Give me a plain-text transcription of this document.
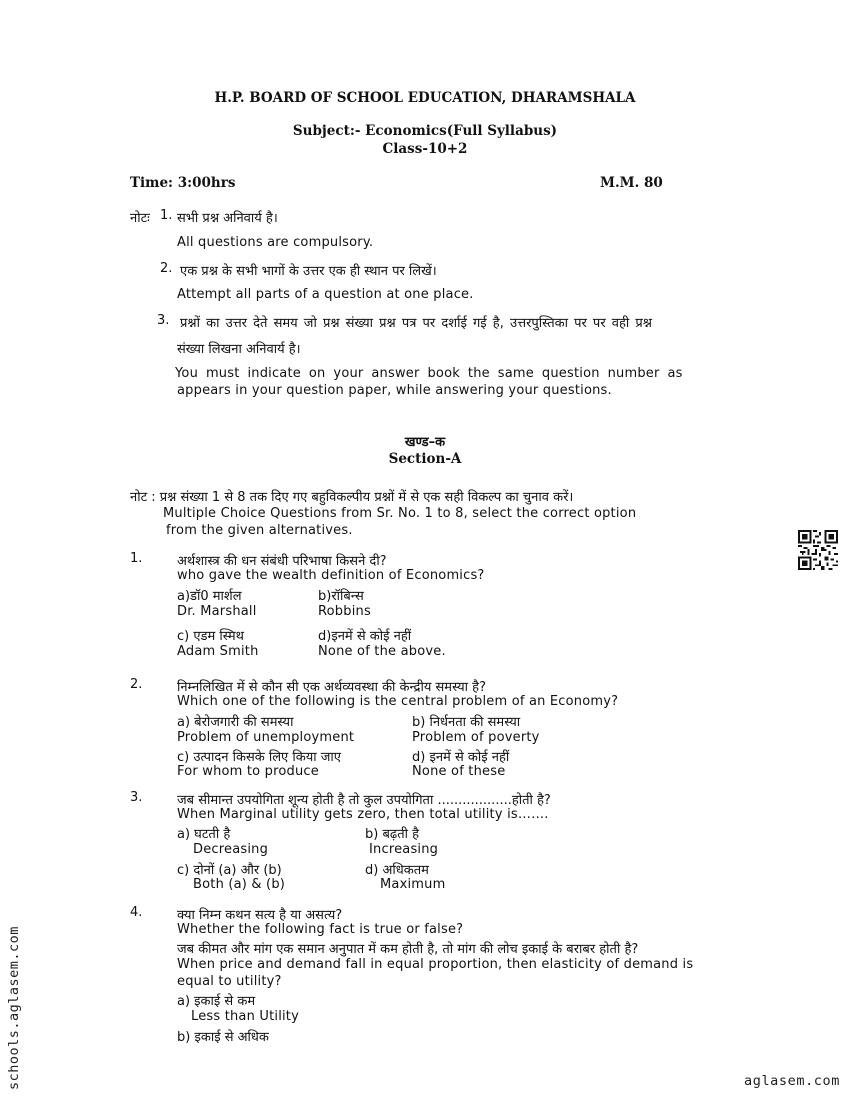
H.P. BOARD OF SCHOOL EDUCATION, DHARAMSHALA
Subject:- Economics(Full Syllabus)
Class-10+2
Time: 3:00hrs	M.M. 80
नोटः 1. सभी प्रश्न अनिवार्य है।
All questions are compulsory.
2. एक प्रश्न के सभी भागों के उत्तर एक ही स्थान पर लिखें।
Attempt all parts of a question at one place.
3. प्रश्नों का उत्तर देते समय जो प्रश्न संख्या प्रश्न पत्र पर दर्शाई गई है, उत्तरपुस्तिका पर पर वही प्रश्न
संख्या लिखना अनिवार्य है।
You must indicate on your answer book the same question number as
appears in your question paper, while answering your questions.
खण्ड–क
Section-A
नोट : प्रश्न संख्या 1 से 8 तक दिए गए बहुविकल्पीय प्रश्नों में से एक सही विकल्प का चुनाव करें।
Multiple Choice Questions from Sr. No. 1 to 8, select the correct option
from the given alternatives.
1.	अर्थशास्त्र की धन संबंधी परिभाषा किसने दी?
who gave the wealth definition of Economics?
a)डॉ0 मार्शल	b)रॉबिन्स
Dr. Marshall	Robbins
c) एडम स्मिथ	d)इनमें से कोई नहीं
Adam Smith	None of the above.
2.	निम्नलिखित में से कौन सी एक अर्थव्यवस्था की केन्द्रीय समस्या है?
Which one of the following is the central problem of an Economy?
a) बेरोजगारी की समस्या	b) निर्धनता की समस्या
Problem of unemployment	Problem of poverty
c) उत्पादन किसके लिए किया जाए	d) इनमें से कोई नहीं
For whom to produce	None of these
3.	जब सीमान्त उपयोगिता शून्य होती है तो कुल उपयोगिता ..................होती है?
When Marginal utility gets zero, then total utility is…….
a) घटती है	b) बढ़ती है
Decreasing	Increasing
c) दोनों (a) और (b)	d) अधिकतम
Both (a) & (b)	Maximum
4.	क्या निम्न कथन सत्य है या असत्य?
Whether the following fact is true or false?
जब कीमत और मांग एक समान अनुपात में कम होती है, तो मांग की लोच इकाई के बराबर होती है?
When price and demand fall in equal proportion, then elasticity of demand is
equal to utility?
a) इकाई से कम
Less than Utility
b) इकाई से अधिक
schools.aglasem.com	aglasem.com
